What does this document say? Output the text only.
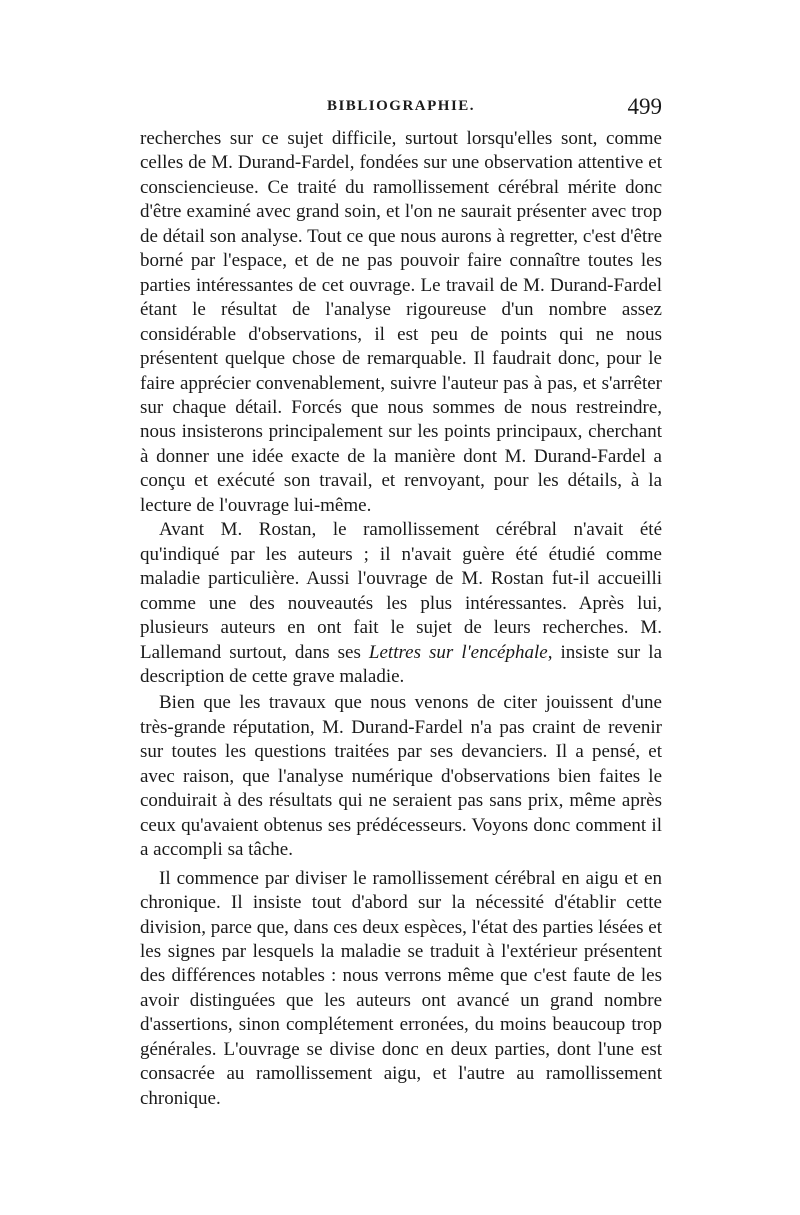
BIBLIOGRAPHIE.	499

recherches sur ce sujet difficile, surtout lorsqu'elles sont, comme celles de M. Durand-Fardel, fondées sur une observation attentive et consciencieuse. Ce traité du ramollissement cérébral mérite donc d'être examiné avec grand soin, et l'on ne saurait présenter avec trop de détail son analyse. Tout ce que nous aurons à regretter, c'est d'être borné par l'espace, et de ne pas pouvoir faire connaître toutes les parties intéressantes de cet ouvrage. Le travail de M. Durand-Fardel étant le résultat de l'analyse rigoureuse d'un nombre assez considérable d'observations, il est peu de points qui ne nous présentent quelque chose de remarquable. Il faudrait donc, pour le faire apprécier convenablement, suivre l'auteur pas à pas, et s'arrêter sur chaque détail. Forcés que nous sommes de nous restreindre, nous insisterons principalement sur les points principaux, cherchant à donner une idée exacte de la manière dont M. Durand-Fardel a conçu et exécuté son travail, et renvoyant, pour les détails, à la lecture de l'ouvrage lui-même.

Avant M. Rostan, le ramollissement cérébral n'avait été qu'indiqué par les auteurs ; il n'avait guère été étudié comme maladie particulière. Aussi l'ouvrage de M. Rostan fut-il accueilli comme une des nouveautés les plus intéressantes. Après lui, plusieurs auteurs en ont fait le sujet de leurs recherches. M. Lallemand surtout, dans ses Lettres sur l'encéphale, insiste sur la description de cette grave maladie.

Bien que les travaux que nous venons de citer jouissent d'une très-grande réputation, M. Durand-Fardel n'a pas craint de revenir sur toutes les questions traitées par ses devanciers. Il a pensé, et avec raison, que l'analyse numérique d'observations bien faites le conduirait à des résultats qui ne seraient pas sans prix, même après ceux qu'avaient obtenus ses prédécesseurs. Voyons donc comment il a accompli sa tâche.

Il commence par diviser le ramollissement cérébral en aigu et en chronique. Il insiste tout d'abord sur la nécessité d'établir cette division, parce que, dans ces deux espèces, l'état des parties lésées et les signes par lesquels la maladie se traduit à l'extérieur présentent des différences notables : nous verrons même que c'est faute de les avoir distinguées que les auteurs ont avancé un grand nombre d'assertions, sinon complétement erronées, du moins beaucoup trop générales. L'ouvrage se divise donc en deux parties, dont l'une est consacrée au ramollissement aigu, et l'autre au ramollissement chronique.
